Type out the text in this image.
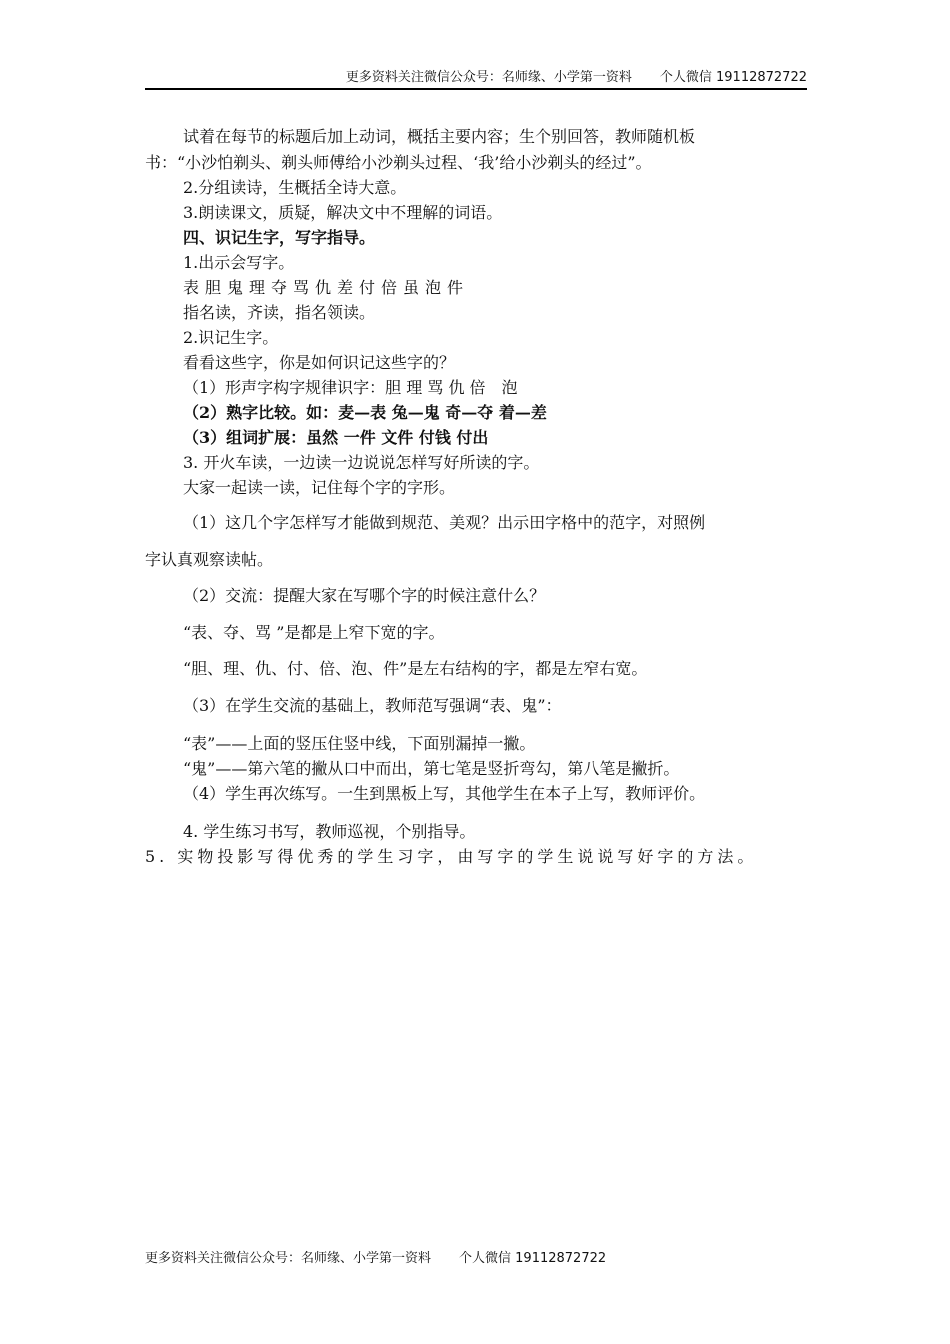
更多资料关注微信公众号：名师缘、小学第一资料 个人微信 19112872722
试着在每节的标题后加上动词，概括主要内容；生个别回答，教师随机板
书：“小沙怕剃头、剃头师傅给小沙剃头过程、‘我’给小沙剃头的经过”。
2.分组读诗，生概括全诗大意。
3.朗读课文，质疑，解决文中不理解的词语。
四、识记生字，写字指导。
1.出示会写字。
表胆鬼理夺骂仇差付倍虽泡件
指名读，齐读，指名领读。
2.识记生字。
看看这些字，你是如何识记这些字的？
（1）形声字构字规律识字：胆 理 骂 仇 倍　泡
（2）熟字比较。如：麦—表 兔—鬼 奇—夺 着—差
（3）组词扩展：虽然 一件 文件 付钱 付出
3. 开火车读，一边读一边说说怎样写好所读的字。
大家一起读一读，记住每个字的字形。
（1）这几个字怎样写才能做到规范、美观？出示田字格中的范字，对照例
字认真观察读帖。
（2）交流：提醒大家在写哪个字的时候注意什么？
“表、夺、骂 ”是都是上窄下宽的字。
“胆、理、仇、付、倍、泡、件”是左右结构的字，都是左窄右宽。
（3）在学生交流的基础上，教师范写强调“表、鬼”：
“表”——上面的竖压住竖中线，下面别漏掉一撇。
“鬼”——第六笔的撇从口中而出，第七笔是竖折弯勾，第八笔是撇折。
（4）学生再次练写。一生到黑板上写，其他学生在本子上写，教师评价。
4. 学生练习书写，教师巡视，个别指导。
5. 实物投影写得优秀的学生习字，由写字的学生说说写好字的方法。
更多资料关注微信公众号：名师缘、小学第一资料 个人微信 19112872722
